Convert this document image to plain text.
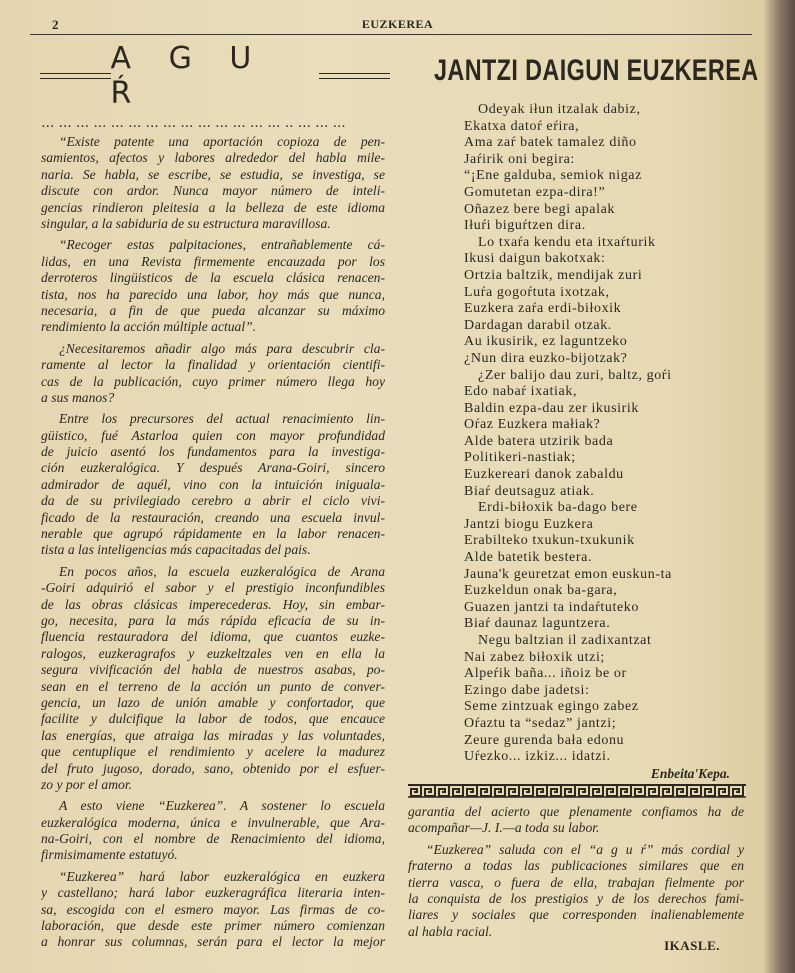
2	EUZKEREA
A G U Ŕ
JANTZI DAIGUN EUZKEREA
... ... ... ... ... ... ... ... ... ... ... ... ... ... .. ... ... ...
“Existe patente una aportación copioza de pen-
samientos, afectos y labores alrededor del habla mile-
naria. Se habla, se escribe, se estudia, se investiga, se
discute con ardor. Nunca mayor número de inteli-
gencias rindieron pleitesia a la belleza de este idioma
singular, a la sabiduria de su estructura maravillosa.
“Recoger estas palpitaciones, entrañablemente cá-
lidas, en una Revista firmemente encauzada por los
derroteros lingüisticos de la escuela clásica renacen-
tista, nos ha parecido una labor, hoy más que nunca,
necesaria, a fin de que pueda alcanzar su máximo
rendimiento la acción múltiple actual”.
¿Necesitaremos añadir algo más para descubrir cla-
ramente al lector la finalidad y orientación cientifi-
cas de la publicación, cuyo primer número llega hoy
a sus manos?
Entre los precursores del actual renacimiento lin-
güistico, fué Astarloa quien con mayor profundidad
de juicio asentó los fundamentos para la investiga-
ción euzkeralógica. Y después Arana-Goiri, sincero
admirador de aquél, vino con la intuición iniguala-
da de su privilegiado cerebro a abrir el ciclo vivi-
ficado de la restauración, creando una escuela invul-
nerable que agrupó rápidamente en la labor renacen-
tista a las inteligencias más capacitadas del pais.
En pocos años, la escuela euzkeralógica de Arana
-Goiri adquirió el sabor y el prestigio inconfundibles
de las obras clásicas imperecederas. Hoy, sin embar-
go, necesita, para la más rápida eficacia de su in-
fluencia restauradora del idioma, que cuantos euzke-
ralogos, euzkeragrafos y euzkeltzales ven en ella la
segura vivificación del habla de nuestros asabas, po-
sean en el terreno de la acción un punto de conver-
gencia, un lazo de unión amable y confortador, que
facilite y dulcifique la labor de todos, que encauce
las energías, que atraiga las miradas y las voluntades,
que centuplique el rendimiento y acelere la madurez
del fruto jugoso, dorado, sano, obtenido por el esfuer-
zo y por el amor.
A esto viene “Euzkerea”. A sostener lo escuela
euzkeralógica moderna, única e invulnerable, que Ara-
na-Goiri, con el nombre de Renacimiento del idioma,
firmisimamente estatuyó.
“Euzkerea” hará labor euzkeralógica en euzkera
y castellano; hará labor euzkeragráfica literaria inten-
sa, escogida con el esmero mayor. Las firmas de co-
laboración, que desde este primer número comienzan
a honrar sus columnas, serán para el lector la mejor
Odeyak iłun itzalak dabiz,
Ekatxa datoŕ eŕira,
Ama zaŕ batek tamalez diño
Jaŕirik oni begira:
“¡Ene galduba, semiok nigaz
Gomutetan ezpa-dira!”
Oñazez bere begi apalak
Iłuŕi biguŕtzen dira.
Lo txaŕa kendu eta itxaŕturik
Ikusi daigun bakotxak:
Ortzia baltzik, mendijak zuri
Luŕa gogoŕtuta ixotzak,
Euzkera zaŕa erdi-biłoxik
Dardagan darabil otzak.
Au ikusirik, ez laguntzeko
¿Nun dira euzko-bijotzak?
¿Zer balijo dau zuri, baltz, goŕi
Edo nabaŕ ixatiak,
Baldin ezpa-dau zer ikusirik
Oŕaz Euzkera małiak?
Alde batera utzirik bada
Politikeri-nastiak;
Euzkereari danok zabaldu
Biaŕ deutsaguz atiak.
Erdi-biłoxik ba-dago bere
Jantzi biogu Euzkera
Erabilteko txukun-txukunik
Alde batetik bestera.
Jauna'k geuretzat emon euskun-ta
Euzkeldun onak ba-gara,
Guazen jantzi ta indaŕtuteko
Biaŕ daunaz laguntzera.
Negu baltzian il zadixantzat
Nai zabez biłoxik utzi;
Alpeŕik baña... iñoiz be or
Ezingo dabe jadetsi:
Seme zintzuak egingo zabez
Oŕaztu ta “sedaz” jantzi;
Zeure gurenda bała edonu
Uŕezko... izkiz... idatzi.
Enbeita'Kepa.
garantia del acierto que plenamente confiamos ha de
acompañar—J. I.—a toda su labor.
“Euzkerea” saluda con el “a g u ŕ” más cordial y
fraterno a todas las publicaciones similares que en
tierra vasca, o fuera de ella, trabajan fielmente por
la conquista de los prestigios y de los derechos fami-
liares y sociales que corresponden inalienablemente
al habla racial.
IKASLE.
